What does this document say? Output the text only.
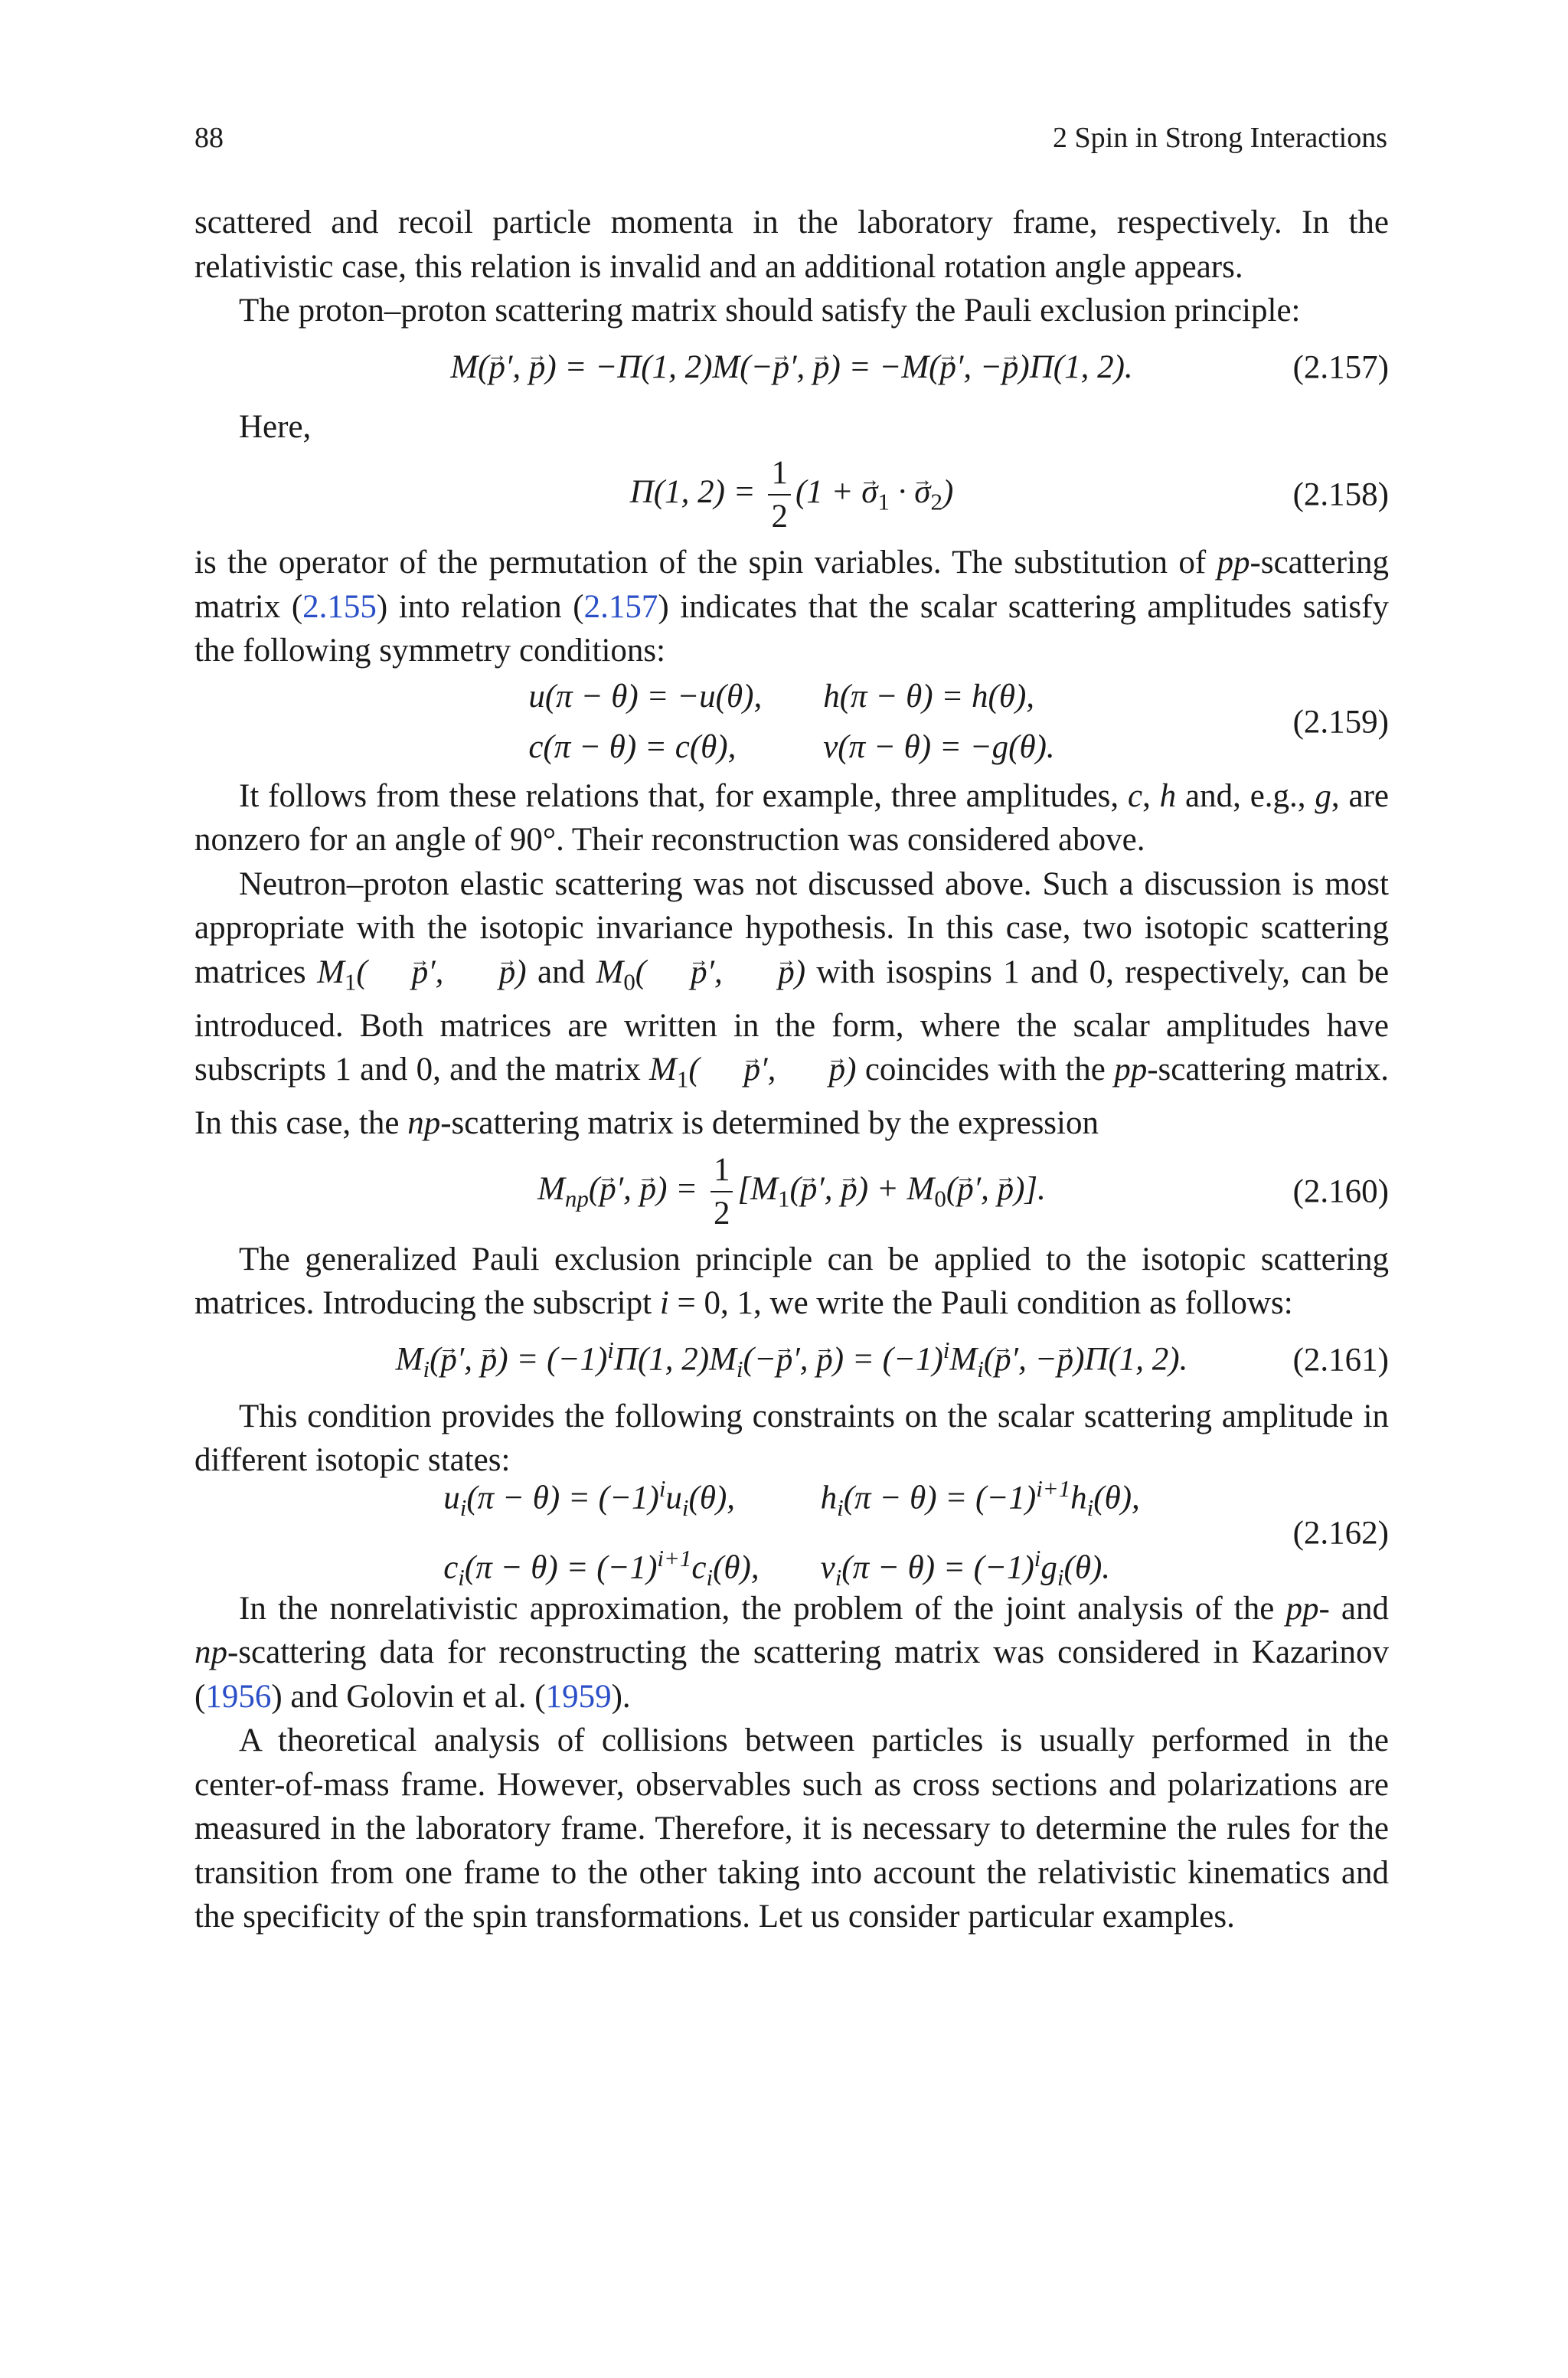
88	2 Spin in Strong Interactions

scattered and recoil particle momenta in the laboratory frame, respectively. In the relativistic case, this relation is invalid and an additional rotation angle appears.

The proton–proton scattering matrix should satisfy the Pauli exclusion principle:

M(→ p′, → p) = −Π(1, 2)M(−→ p′, → p) = −M(→ p′, −→ p)Π(1, 2).	(2.157)

Here,

Π(1, $2) = \frac{1}{2} (1$ + → $\sigma_1$ · → $\sigma_2$)	(2.158)

is the operator of the permutation of the spin variables. The substitution of pp-scattering matrix (2.155) into relation (2.157) indicates that the scalar scattering amplitudes satisfy the following symmetry conditions:

u(π − θ) = −u(θ), h(π − θ) = h(θ),
c(π − θ) = c(θ),	v(π − θ) = −g(θ).
(2.159)

It follows from these relations that, for example, three amplitudes, c, h and, e.g., g, are nonzero for an angle of 90°. Their reconstruction was considered above.

Neutron–proton elastic scattering was not discussed above. Such a discussion is most appropriate with the isotopic invariance hypothesis. In this case, two isotopic scattering matrices $M_1( \to p'$, → p) and $M_0( \to p'$, → p) with isospins 1 and 0, respectively, can be introduced. Both matrices are written in the form, where the scalar amplitudes have subscripts 1 and 0, and the matrix $M_1( \to p'$, → p) coincides with the pp-scattering matrix. In this case, the np-scattering matrix is determined by the expression

$M_{np}(\to p'$, → $p) = \frac{1}{2} [M_1(\to p'$, → $p) + M_0(\to p'$, → p)].	(2.160)

The generalized Pauli exclusion principle can be applied to the isotopic scattering matrices. Introducing the subscript i = 0, 1, we write the Pauli condition as follows:

$M_i(\to p'$, → $p) = (-1)^i\Pi(1$, $2)M_i(-\to p'$, → $p) = (-1)^iM_i(\to p'$, −→ p)Π(1, 2).	(2.161)

This condition provides the following constraints on the scalar scattering amplitude in different isotopic states:

$u_i(\pi - \theta) = (-1)^iu_i(\theta)$,	$h_i(\pi - \theta) = (-1)^{i+1}h_i(\theta)$,
$c_i(\pi - \theta) = (-1)^{i+1}c_i(\theta)$, $v_i(\pi - \theta) = (-1)^ig_i(\theta)$.
(2.162)

In the nonrelativistic approximation, the problem of the joint analysis of the pp- and np-scattering data for reconstructing the scattering matrix was considered in Kazarinov (1956) and Golovin et al. (1959).

A theoretical analysis of collisions between particles is usually performed in the center-of-mass frame. However, observables such as cross sections and polarizations are measured in the laboratory frame. Therefore, it is necessary to determine the rules for the transition from one frame to the other taking into account the relativistic kinematics and the specificity of the spin transformations. Let us consider particular examples.
